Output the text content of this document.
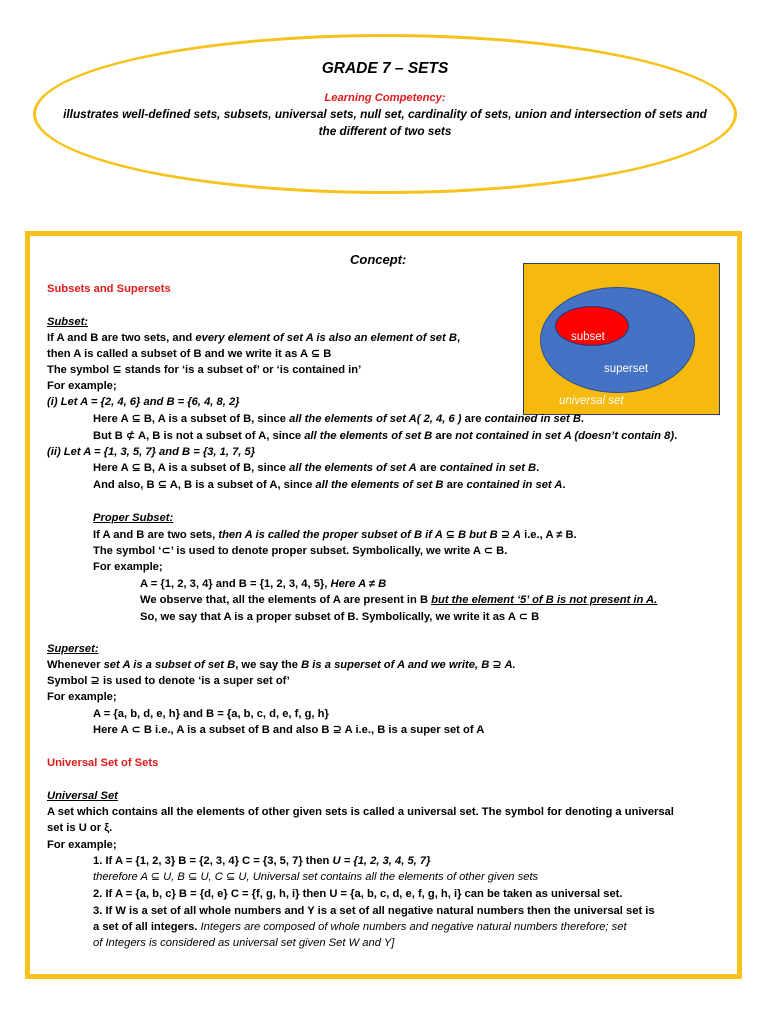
GRADE 7 – SETS
Learning Competency:
illustrates well-defined sets, subsets, universal sets, null set, cardinality of sets, union and intersection of sets and
the different of two sets
Concept:
subset
superset
universal set
Subsets and Supersets
Subset:
If A and B are two sets, and every element of set A is also an element of set B,
then A is called a subset of B and we write it as A ⊆ B
The symbol ⊆ stands for ‘is a subset of’ or ‘is contained in’
For example;
(i) Let A = {2, 4, 6} and B = {6, 4, 8, 2}
Here A ⊆ B, A is a subset of B, since all the elements of set A( 2, 4, 6 ) are contained in set B.
But B ⊄ A, B is not a subset of A, since all the elements of set B are not contained in set A (doesn’t contain 8).
(ii) Let A = {1, 3, 5, 7} and B = {3, 1, 7, 5}
Here A ⊆ B, A is a subset of B, since all the elements of set A are contained in set B.
And also, B ⊆ A, B is a subset of A, since all the elements of set B are contained in set A.
Proper Subset:
If A and B are two sets, then A is called the proper subset of B if A ⊆ B but B ⊇ A i.e., A ≠ B.
The symbol ‘⊂’ is used to denote proper subset. Symbolically, we write A ⊂ B.
For example;
A = {1, 2, 3, 4} and B = {1, 2, 3, 4, 5}, Here A ≠ B
We observe that, all the elements of A are present in B but the element ‘5’ of B is not present in A.
So, we say that A is a proper subset of B. Symbolically, we write it as A ⊂ B
Superset:
Whenever set A is a subset of set B, we say the B is a superset of A and we write, B ⊇ A.
Symbol ⊇ is used to denote ‘is a super set of’
For example;
A = {a, b, d, e, h} and B = {a, b, c, d, e, f, g, h}
Here A ⊂ B i.e., A is a subset of B and also B ⊇ A i.e., B is a super set of A
Universal Set of Sets
Universal Set
A set which contains all the elements of other given sets is called a universal set. The symbol for denoting a universal
set is U or ξ.
For example;
1. If A = {1, 2, 3} B = {2, 3, 4} C = {3, 5, 7} then U = {1, 2, 3, 4, 5, 7}
therefore A ⊆ U, B ⊆ U, C ⊆ U, Universal set contains all the elements of other given sets
2. If A = {a, b, c} B = {d, e} C = {f, g, h, i} then U = {a, b, c, d, e, f, g, h, i} can be taken as universal set.
3. If W is a set of all whole numbers and Y is a set of all negative natural numbers then the universal set is
a set of all integers. Integers are composed of whole numbers and negative natural numbers therefore; set
of Integers is considered as universal set given Set W and Y]
